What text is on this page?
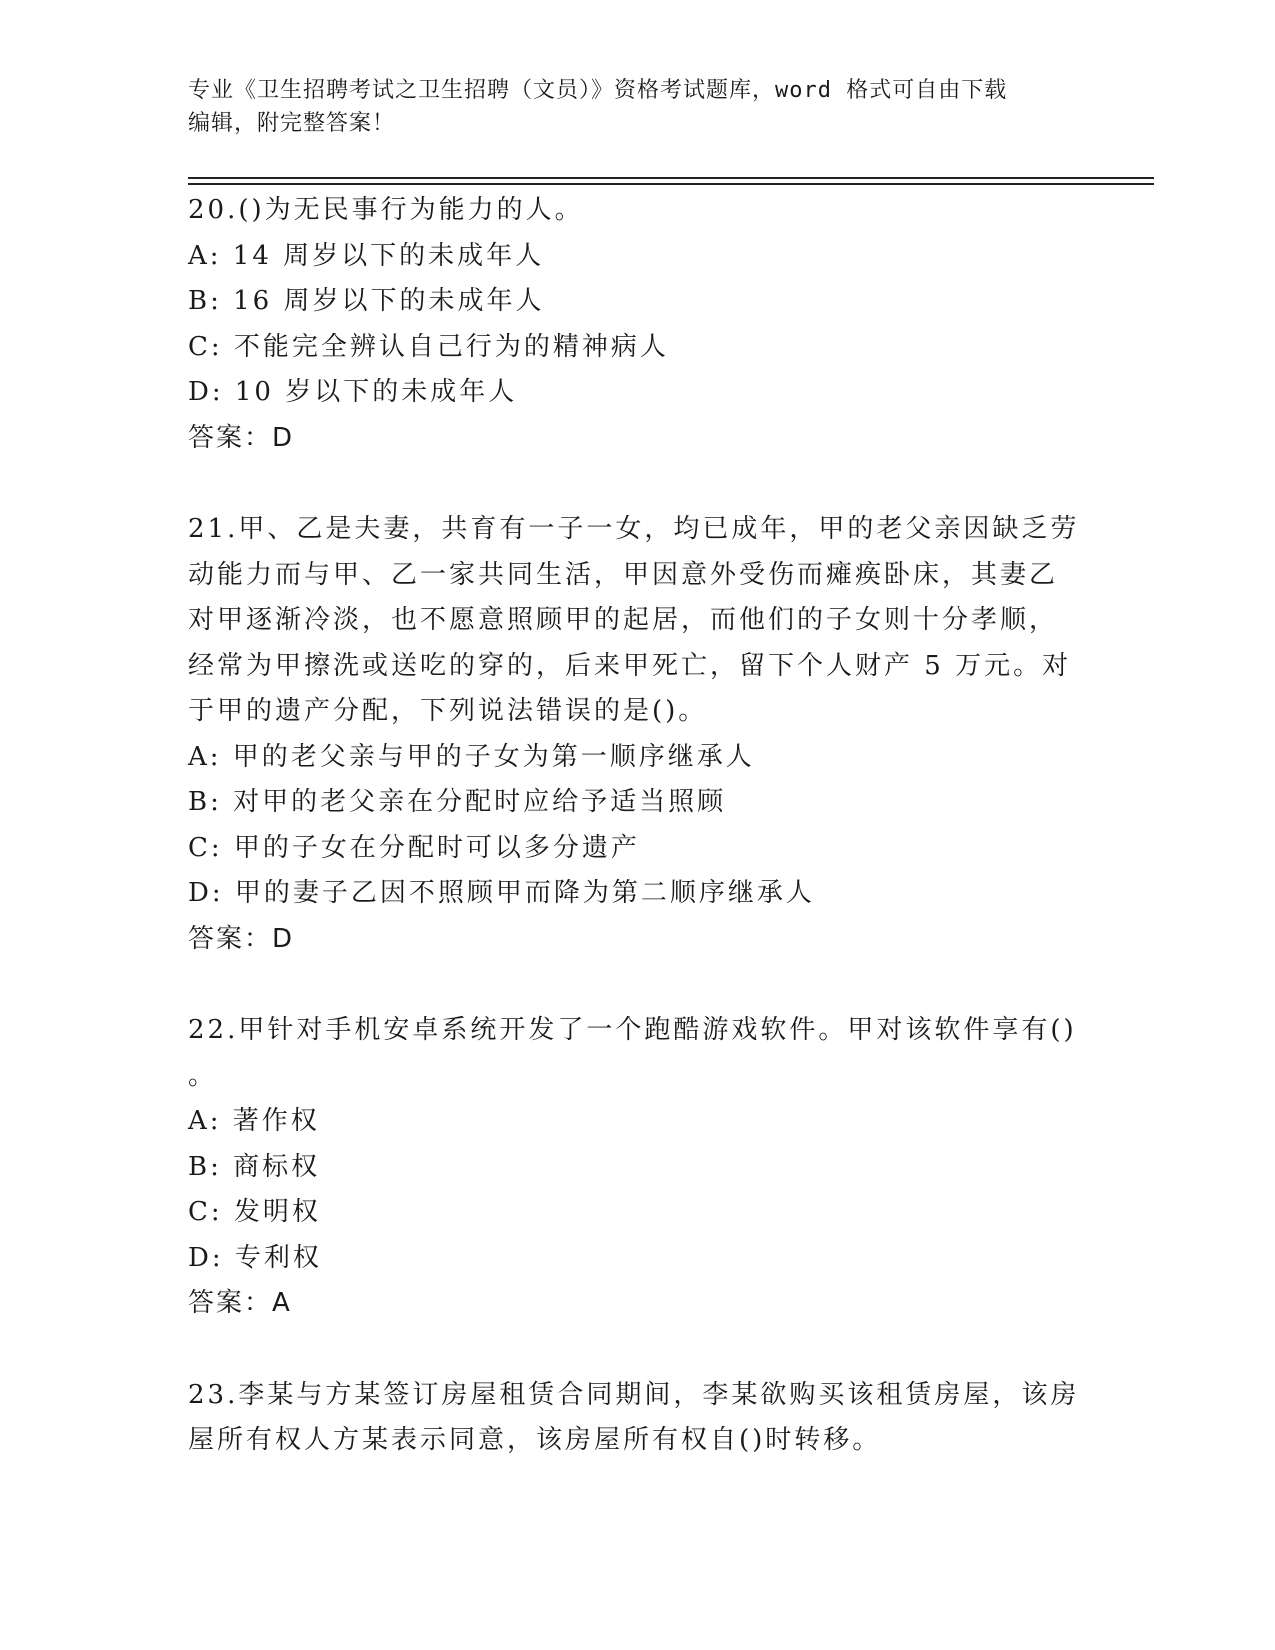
专业《卫生招聘考试之卫生招聘（文员）》资格考试题库，word 格式可自由下载
编辑，附完整答案！
20.()为无民事行为能力的人。
A: 14 周岁以下的未成年人
B: 16 周岁以下的未成年人
C: 不能完全辨认自己行为的精神病人
D: 10 岁以下的未成年人
答案：D
21.甲、乙是夫妻，共育有一子一女，均已成年，甲的老父亲因缺乏劳
动能力而与甲、乙一家共同生活，甲因意外受伤而瘫痪卧床，其妻乙
对甲逐渐冷淡，也不愿意照顾甲的起居，而他们的子女则十分孝顺，
经常为甲擦洗或送吃的穿的，后来甲死亡，留下个人财产 5 万元。对
于甲的遗产分配，下列说法错误的是()。
A: 甲的老父亲与甲的子女为第一顺序继承人
B: 对甲的老父亲在分配时应给予适当照顾
C: 甲的子女在分配时可以多分遗产
D: 甲的妻子乙因不照顾甲而降为第二顺序继承人
答案：D
22.甲针对手机安卓系统开发了一个跑酷游戏软件。甲对该软件享有()
。
A: 著作权
B: 商标权
C: 发明权
D: 专利权
答案：A
23.李某与方某签订房屋租赁合同期间，李某欲购买该租赁房屋，该房
屋所有权人方某表示同意，该房屋所有权自()时转移。
